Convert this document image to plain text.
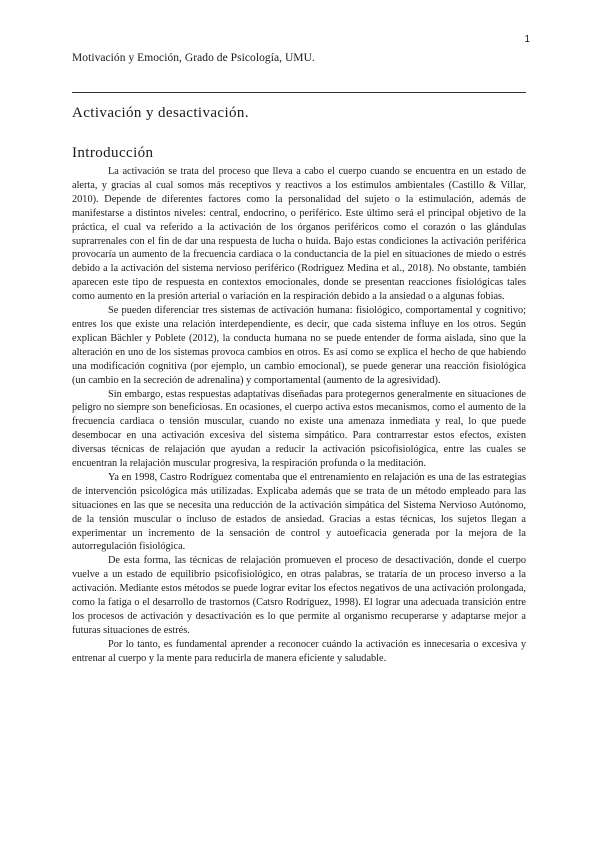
1
Motivación y Emoción, Grado de Psicología, UMU.
Activación y desactivación.
Introducción

La activación se trata del proceso que lleva a cabo el cuerpo cuando se encuentra en un estado de alerta, y gracias al cual somos más receptivos y reactivos a los estímulos ambientales (Castillo & Villar, 2010). Depende de diferentes factores como la personalidad del sujeto o la estimulación, además de manifestarse a distintos niveles: central, endocrino, o periférico. Este último será el principal objetivo de la práctica, el cual va referido a la activación de los órganos periféricos como el corazón o las glándulas suprarrenales con el fin de dar una respuesta de lucha o huida. Bajo estas condiciones la activación periférica provocaría un aumento de la frecuencia cardiaca o la conductancia de la piel en situaciones de miedo o estrés debido a la activación del sistema nervioso periférico (Rodríguez Medina et al., 2018). No obstante, también aparecen este tipo de respuesta en contextos emocionales, donde se presentan reacciones fisiológicas tales como aumento en la presión arterial o variación en la respiración debido a la ansiedad o a algunas fobias.

Se pueden diferenciar tres sistemas de activación humana: fisiológico, comportamental y cognitivo; entres los que existe una relación interdependiente, es decir, que cada sistema influye en los otros. Según explican Bächler y Poblete (2012), la conducta humana no se puede entender de forma aislada, sino que la alteración en uno de los sistemas provoca cambios en otros. Es así como se explica el hecho de que habiendo una modificación cognitiva (por ejemplo, un cambio emocional), se puede generar una reacción fisiológica (un cambio en la secreción de adrenalina) y comportamental (aumento de la agresividad).

Sin embargo, estas respuestas adaptativas diseñadas para protegernos generalmente en situaciones de peligro no siempre son beneficiosas. En ocasiones, el cuerpo activa estos mecanismos, como el aumento de la frecuencia cardiaca o tensión muscular, cuando no existe una amenaza inmediata y real, lo que puede desembocar en una activación excesiva del sistema simpático. Para contrarrestar estos efectos, existen diversas técnicas de relajación que ayudan a reducir la activación psicofisiológica, entre las cuales se encuentran la relajación muscular progresiva, la respiración profunda o la meditación.

Ya en 1998, Castro Rodríguez comentaba que el entrenamiento en relajación es una de las estrategias de intervención psicológica más utilizadas. Explicaba además que se trata de un método empleado para las situaciones en las que se necesita una reducción de la activación simpática del Sistema Nervioso Autónomo, de la tensión muscular o incluso de estados de ansiedad. Gracias a estas técnicas, los sujetos llegan a experimentar un incremento de la sensación de control y autoeficacia generada por la mejora de la autorregulación fisiológica.

De esta forma, las técnicas de relajación promueven el proceso de desactivación, donde el cuerpo vuelve a un estado de equilibrio psicofisiológico, en otras palabras, se trataría de un proceso inverso a la activación. Mediante estos métodos se puede lograr evitar los efectos negativos de una activación prolongada, como la fatiga o el desarrollo de trastornos (Catsro Rodríguez, 1998). El lograr una adecuada transición entre los procesos de activación y desactivación es lo que permite al organismo recuperarse y adaptarse mejor a futuras situaciones de estrés.

Por lo tanto, es fundamental aprender a reconocer cuándo la activación es innecesaria o excesiva y entrenar al cuerpo y la mente para reducirla de manera eficiente y saludable.
